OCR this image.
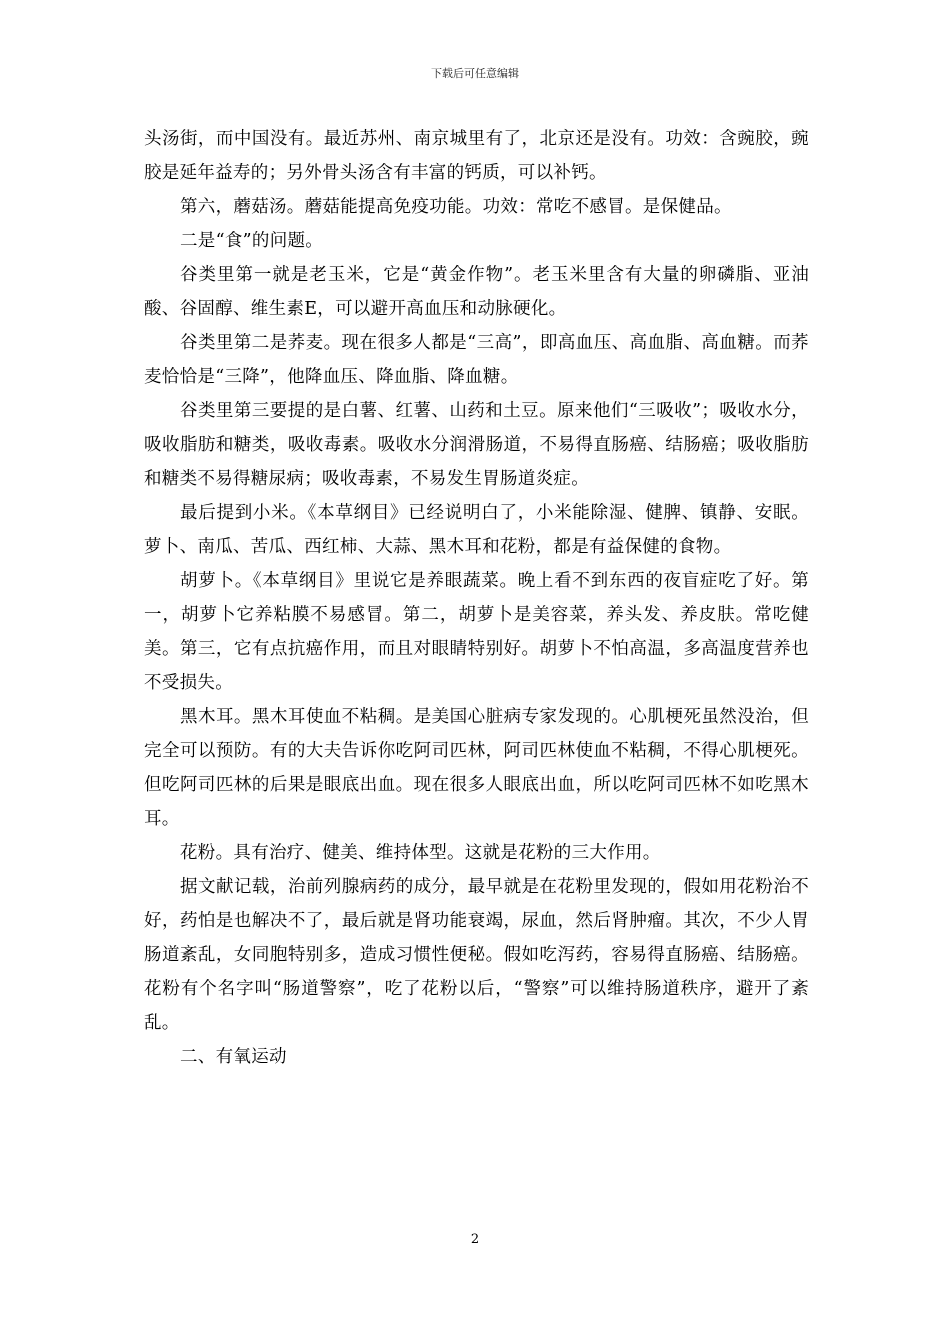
下载后可任意编辑

头汤街，而中国没有。最近苏州、南京城里有了，北京还是没有。功效：含豌胶，豌胶是延年益寿的；另外骨头汤含有丰富的钙质，可以补钙。

第六，蘑菇汤。蘑菇能提高免疫功能。功效：常吃不感冒。是保健品。

二是“食”的问题。

谷类里第一就是老玉米，它是“黄金作物”。老玉米里含有大量的卵磷脂、亚油酸、谷固醇、维生素E，可以避开高血压和动脉硬化。

谷类里第二是荞麦。现在很多人都是“三高”，即高血压、高血脂、高血糖。而荞麦恰恰是“三降”，他降血压、降血脂、降血糖。

谷类里第三要提的是白薯、红薯、山药和土豆。原来他们“三吸收”；吸收水分，吸收脂肪和糖类，吸收毒素。吸收水分润滑肠道，不易得直肠癌、结肠癌；吸收脂肪和糖类不易得糖尿病；吸收毒素，不易发生胃肠道炎症。

最后提到小米。《本草纲目》已经说明白了，小米能除湿、健脾、镇静、安眠。萝卜、南瓜、苦瓜、西红柿、大蒜、黑木耳和花粉，都是有益保健的食物。

胡萝卜。《本草纲目》里说它是养眼蔬菜。晚上看不到东西的夜盲症吃了好。第一，胡萝卜它养粘膜不易感冒。第二，胡萝卜是美容菜，养头发、养皮肤。常吃健美。第三，它有点抗癌作用，而且对眼睛特别好。胡萝卜不怕高温，多高温度营养也不受损失。

黑木耳。黑木耳使血不粘稠。是美国心脏病专家发现的。心肌梗死虽然没治，但完全可以预防。有的大夫告诉你吃阿司匹林，阿司匹林使血不粘稠，不得心肌梗死。但吃阿司匹林的后果是眼底出血。现在很多人眼底出血，所以吃阿司匹林不如吃黑木耳。

花粉。具有治疗、健美、维持体型。这就是花粉的三大作用。

据文献记载，治前列腺病药的成分，最早就是在花粉里发现的，假如用花粉治不好，药怕是也解决不了，最后就是肾功能衰竭，尿血，然后肾肿瘤。其次，不少人胃肠道紊乱，女同胞特别多，造成习惯性便秘。假如吃泻药，容易得直肠癌、结肠癌。花粉有个名字叫“肠道警察”，吃了花粉以后，“警察”可以维持肠道秩序，避开了紊乱。

二、有氧运动

2
